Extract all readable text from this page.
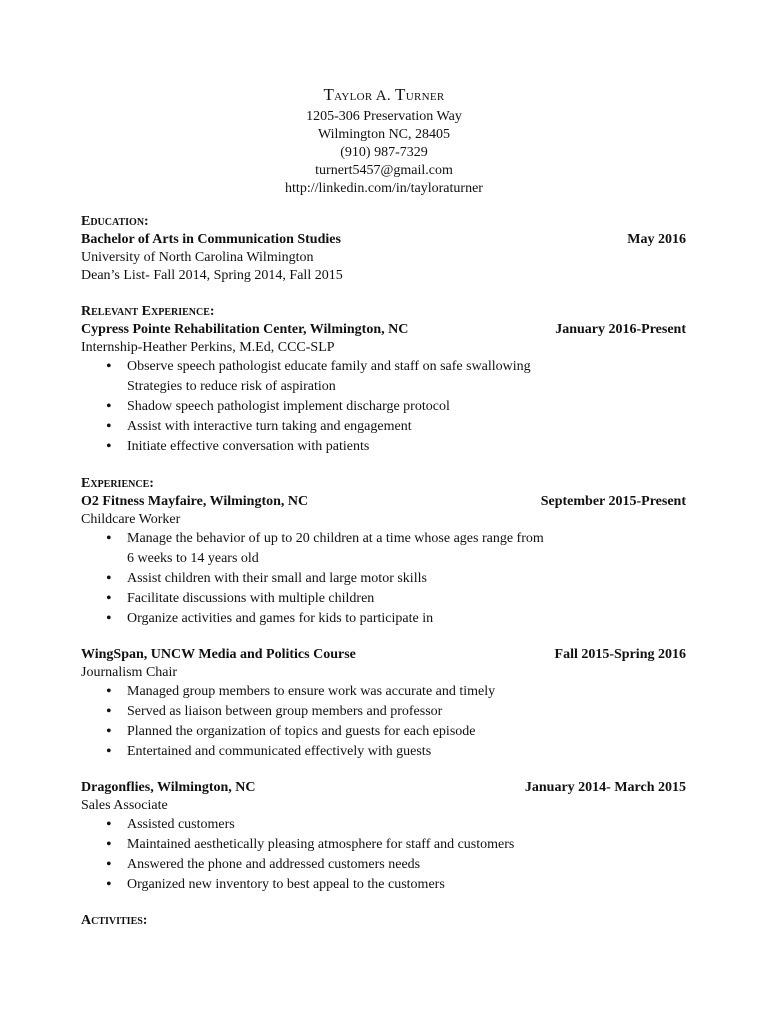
Taylor A. Turner
1205-306 Preservation Way
Wilmington NC, 28405
(910) 987-7329
turnert5457@gmail.com
http://linkedin.com/in/tayloraturner
Education:
Bachelor of Arts in Communication Studies	May 2016
University of North Carolina Wilmington
Dean’s List- Fall 2014, Spring 2014, Fall 2015
Relevant Experience:
Cypress Pointe Rehabilitation Center, Wilmington, NC	January 2016-Present
Internship-Heather Perkins, M.Ed, CCC-SLP
• Observe speech pathologist educate family and staff on safe swallowing
Strategies to reduce risk of aspiration
• Shadow speech pathologist implement discharge protocol
• Assist with interactive turn taking and engagement
• Initiate effective conversation with patients
Experience:
O2 Fitness Mayfaire, Wilmington, NC	September 2015-Present
Childcare Worker
• Manage the behavior of up to 20 children at a time whose ages range from
6 weeks to 14 years old
• Assist children with their small and large motor skills
• Facilitate discussions with multiple children
• Organize activities and games for kids to participate in
WingSpan, UNCW Media and Politics Course	Fall 2015-Spring 2016
Journalism Chair
• Managed group members to ensure work was accurate and timely
• Served as liaison between group members and professor
• Planned the organization of topics and guests for each episode
• Entertained and communicated effectively with guests
Dragonflies, Wilmington, NC	January 2014- March 2015
Sales Associate
• Assisted customers
• Maintained aesthetically pleasing atmosphere for staff and customers
• Answered the phone and addressed customers needs
• Organized new inventory to best appeal to the customers
Activities:
